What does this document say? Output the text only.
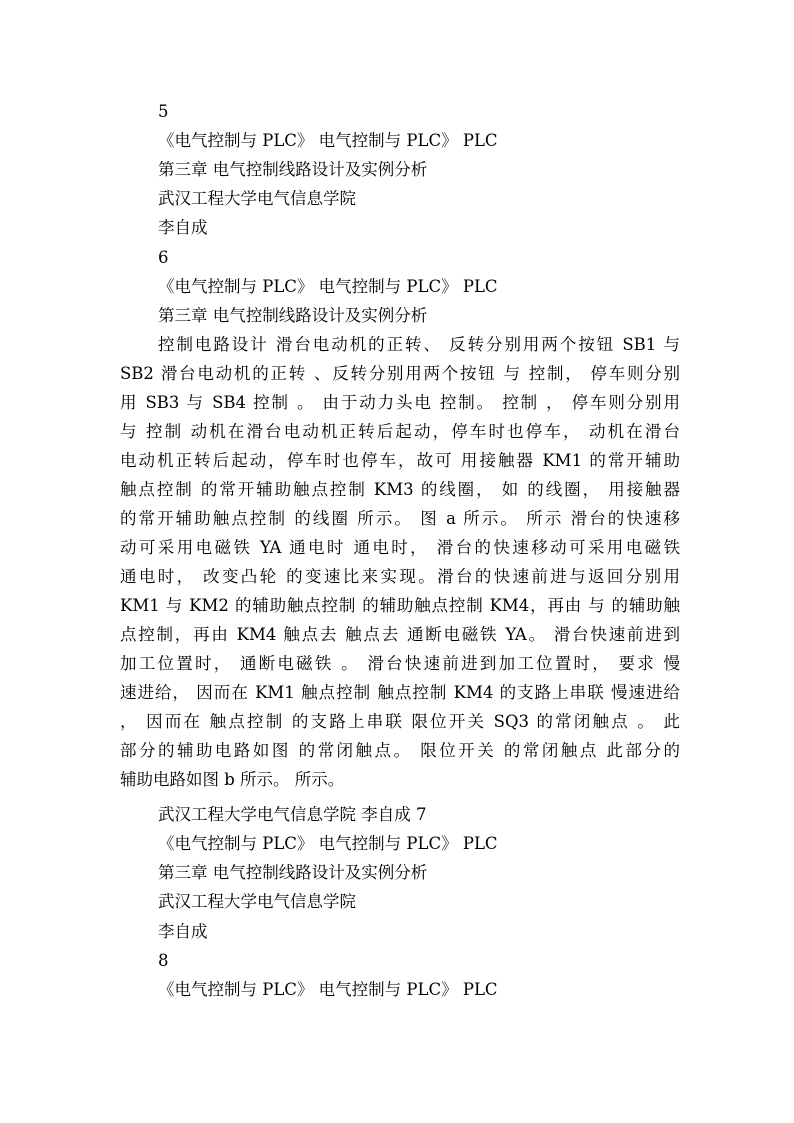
5
《电气控制与 PLC》 电气控制与 PLC》 PLC
第三章 电气控制线路设计及实例分析
武汉工程大学电气信息学院
李自成
6
《电气控制与 PLC》 电气控制与 PLC》 PLC
第三章 电气控制线路设计及实例分析
控制电路设计 滑台电动机的正转、 反转分别用两个按钮 SB1 与
SB2 滑台电动机的正转 、反转分别用两个按钮 与 控制， 停车则分别
用 SB3 与 SB4 控制 。 由于动力头电 控制。 控制 ， 停车则分别用
与 控制 动机在滑台电动机正转后起动，停车时也停车， 动机在滑台
电动机正转后起动，停车时也停车，故可 用接触器 KM1 的常开辅助
触点控制 的常开辅助触点控制 KM3 的线圈， 如 的线圈， 用接触器
的常开辅助触点控制 的线圈 所示。 图 a 所示。 所示 滑台的快速移
动可采用电磁铁 YA 通电时 通电时， 滑台的快速移动可采用电磁铁
通电时， 改变凸轮 的变速比来实现。滑台的快速前进与返回分别用
KM1 与 KM2 的辅助触点控制 的辅助触点控制 KM4，再由 与 的辅助触
点控制，再由 KM4 触点去 触点去 通断电磁铁 YA。 滑台快速前进到
加工位置时， 通断电磁铁 。 滑台快速前进到加工位置时， 要求 慢
速进给， 因而在 KM1 触点控制 触点控制 KM4 的支路上串联 慢速进给
， 因而在 触点控制 的支路上串联 限位开关 SQ3 的常闭触点 。 此
部分的辅助电路如图 的常闭触点。 限位开关 的常闭触点 此部分的
辅助电路如图 b 所示。 所示。
武汉工程大学电气信息学院 李自成 7
《电气控制与 PLC》 电气控制与 PLC》 PLC
第三章 电气控制线路设计及实例分析
武汉工程大学电气信息学院
李自成
8
《电气控制与 PLC》 电气控制与 PLC》 PLC
